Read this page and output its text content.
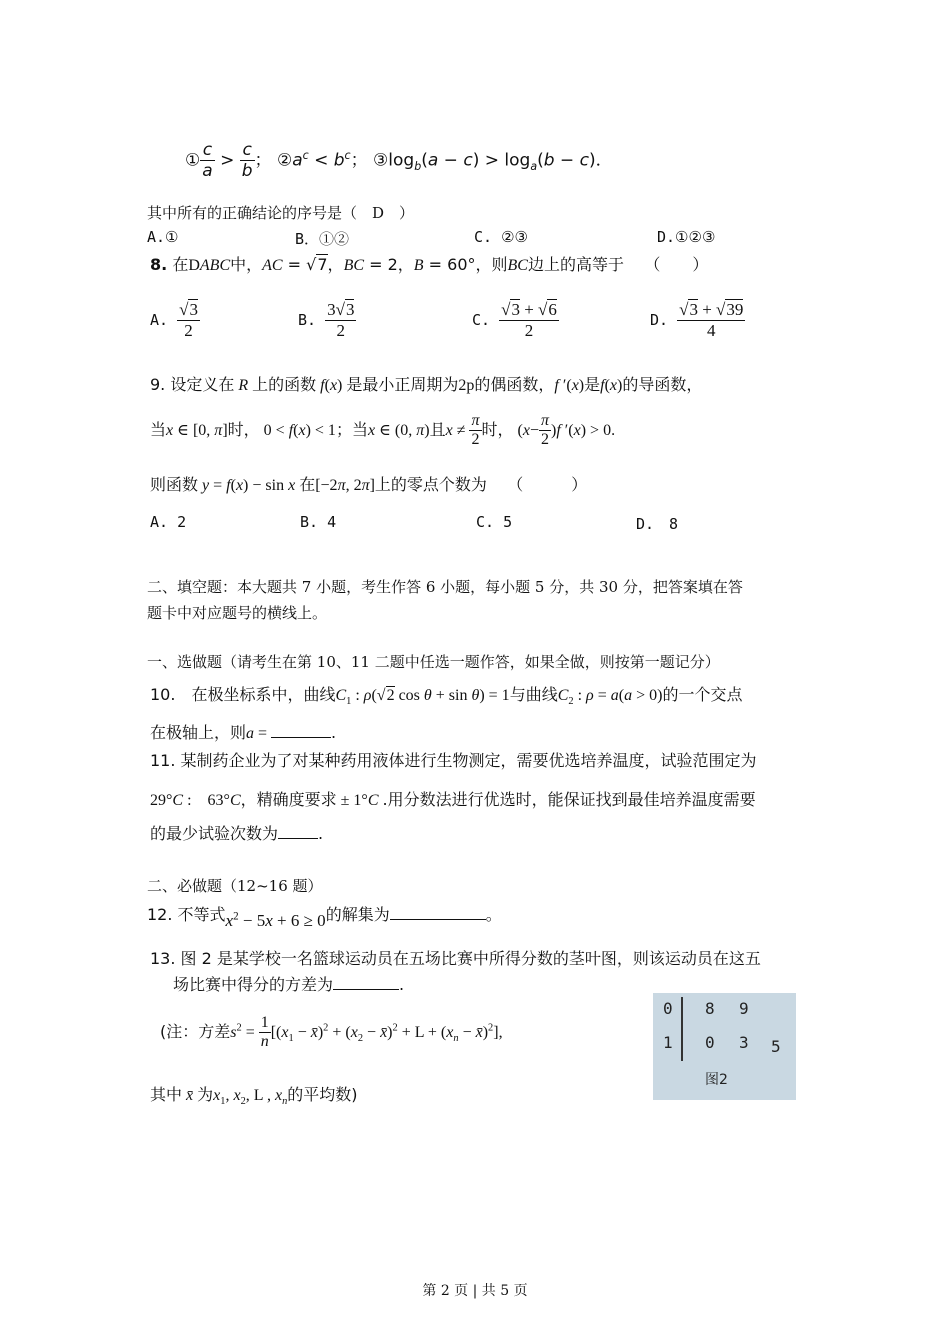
① $\frac{c}{a} > \frac{c}{b}$ ； $②a^c < b^c$； $③\log_b(a - c) > \log_a(b - c)$．
其中所有的正确结论的序号是（　D　）
A.①	B．①②	C. ②③	D.①②③
8. 在DABC中，AC = √7，BC = 2，B = 60°，则BC边上的高等于 （　　）
A. $\frac{√3}{2}$	B. $\frac{3√3}{2}$	C. $\frac{√3 + √6}{2}$	D. $\frac{√3 + √39}{4}$
9. 设定义在 R 上的函数 f(x) 是最小正周期为2p的偶函数，f ′(x)是f(x)的导函数，
当x ∈ [0, π]时， 0 < f(x) < 1；当x ∈ (0, π)且$x \ne \frac{\pi}{2}$ 时， $(x- \frac{\pi}{2} )f$ ′(x) > 0.
则函数 y = f(x) − sin x 在[−2π, 2π]上的零点个数为 （　　　）
A. 2	B. 4	C. 5	D.　8
二、填空题：本大题共 7 小题，考生作答 6 小题，每小题 5 分，共 30 分，把答案填在答
题卡中对应题号的横线上。
一、选做题（请考生在第 10、11 二题中任选一题作答，如果全做，则按第一题记分）
10.　在极坐标系中，曲线$C_1$ : ρ(√2 cos θ + sin θ) = 1与曲线$C_2$ : ρ = a(a > 0)的一个交点
在极轴上，则a =	.
11. 某制药企业为了对某种药用液体进行生物测定，需要优选培养温度，试验范围定为
29°C :　63°C，精确度要求 ± 1°C .用分数法进行优选时，能保证找到最佳培养温度需要
的最少试验次数为	.
二、必做题（12~16 题）
12. 不等式$x^2 - 5x + 6 \ge 0$的解集为	。
13. 图 2 是某学校一名篮球运动员在五场比赛中所得分数的茎叶图，则该运动员在这五
场比赛中得分的方差为	.
(注：方差$s^2 = \frac{1}{n} [(x_1$ − x̄)$^2$ + ($x_2$ − x̄)$^2$ + $L + (x_n$ − x̄)$^2$],
其中 x̄ 为$x_1$, $x_2$, L , $x_n$的平均数)
0 8 9
1 0 3 5
图2
第 2 页 | 共 5 页
